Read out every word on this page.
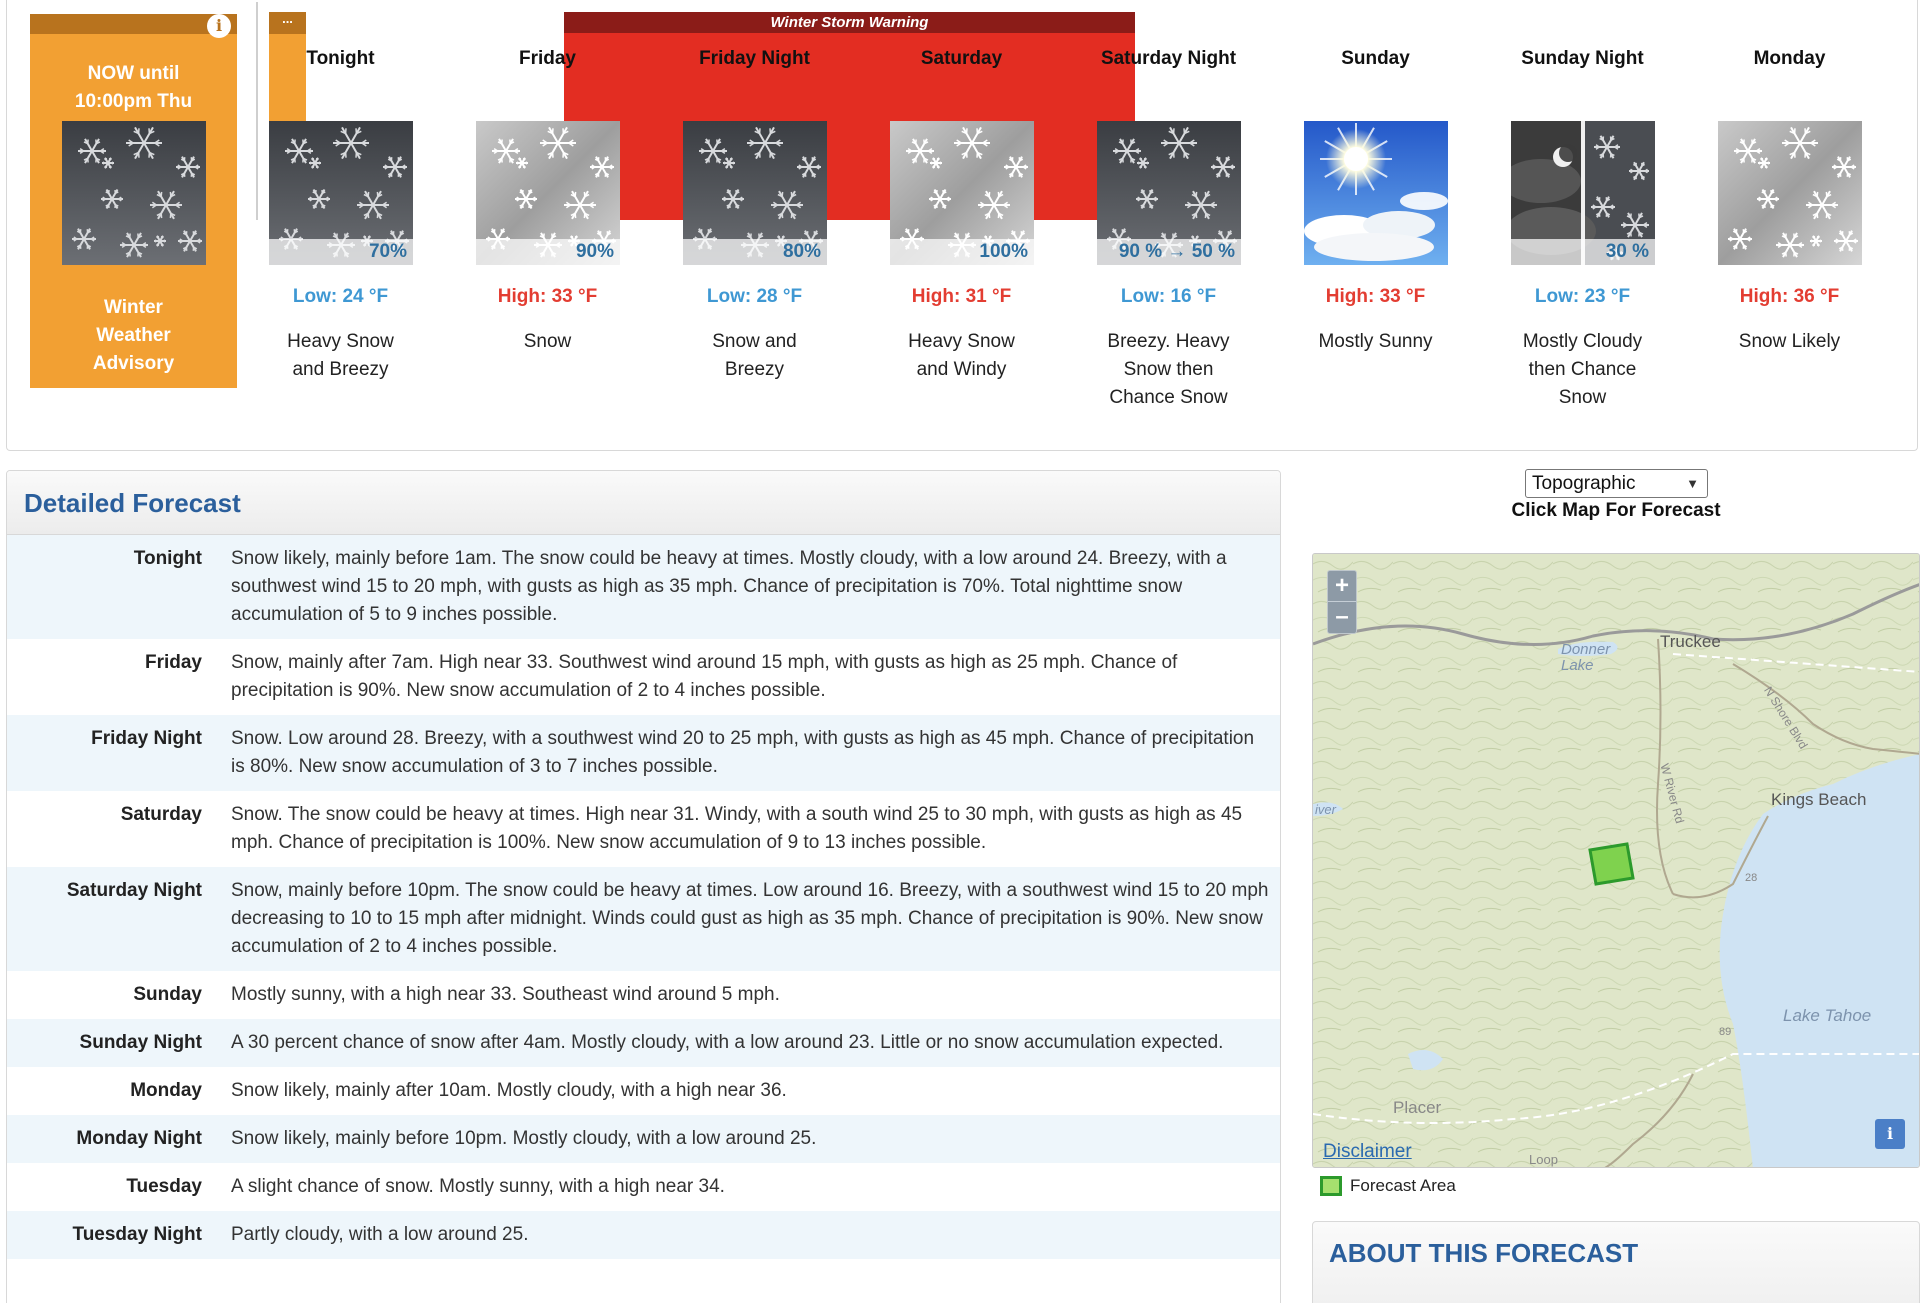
i
NOW until
10:00pm Thu
Winter
Weather
Advisory
...	Winter Storm Warning
Tonight
70%
Low: 24 °F
Heavy Snow
and Breezy
Friday
90%
High: 33 °F
Snow
Friday Night
80%
Low: 28 °F
Snow and
Breezy
Saturday
100%
High: 31 °F
Heavy Snow
and Windy
Saturday Night
90 % → 50 %
Low: 16 °F
Breezy. Heavy
Snow then
Chance Snow
Sunday
High: 33 °F
Mostly Sunny
Sunday Night
30 %
Low: 23 °F
Mostly Cloudy
then Chance
Snow
Monday
High: 36 °F
Snow Likely
Detailed Forecast
Tonight	Snow likely, mainly before 1am. The snow could be heavy at times. Mostly cloudy, with a low around 24. Breezy, with a southwest wind 15 to 20 mph, with gusts as high as 35 mph. Chance of precipitation is 70%. Total nighttime snow accumulation of 5 to 9 inches possible.
Friday	Snow, mainly after 7am. High near 33. Southwest wind around 15 mph, with gusts as high as 25 mph. Chance of precipitation is 90%. New snow accumulation of 2 to 4 inches possible.
Friday Night	Snow. Low around 28. Breezy, with a southwest wind 20 to 25 mph, with gusts as high as 45 mph. Chance of precipitation is 80%. New snow accumulation of 3 to 7 inches possible.
Saturday	Snow. The snow could be heavy at times. High near 31. Windy, with a south wind 25 to 30 mph, with gusts as high as 45 mph. Chance of precipitation is 100%. New snow accumulation of 9 to 13 inches possible.
Saturday Night	Snow, mainly before 10pm. The snow could be heavy at times. Low around 16. Breezy, with a southwest wind 15 to 20 mph decreasing to 10 to 15 mph after midnight. Winds could gust as high as 35 mph. Chance of precipitation is 90%. New snow accumulation of 2 to 4 inches possible.
Sunday	Mostly sunny, with a high near 33. Southeast wind around 5 mph.
Sunday Night	A 30 percent chance of snow after 4am. Mostly cloudy, with a low around 23. Little or no snow accumulation expected.
Monday	Snow likely, mainly after 10am. Mostly cloudy, with a high near 36.
Monday Night	Snow likely, mainly before 10pm. Mostly cloudy, with a low around 25.
Tuesday	A slight chance of snow. Mostly sunny, with a high near 34.
Tuesday Night	Partly cloudy, with a low around 25.
Topographic	▼
Click Map For Forecast
Truckee
Donner
Lake
Kings Beach
Lake Tahoe
Placer
N Shore Blvd
W River Rd
iver
Loop
28
89
+
–
i
Disclaimer
Forecast Area
ABOUT THIS FORECAST
